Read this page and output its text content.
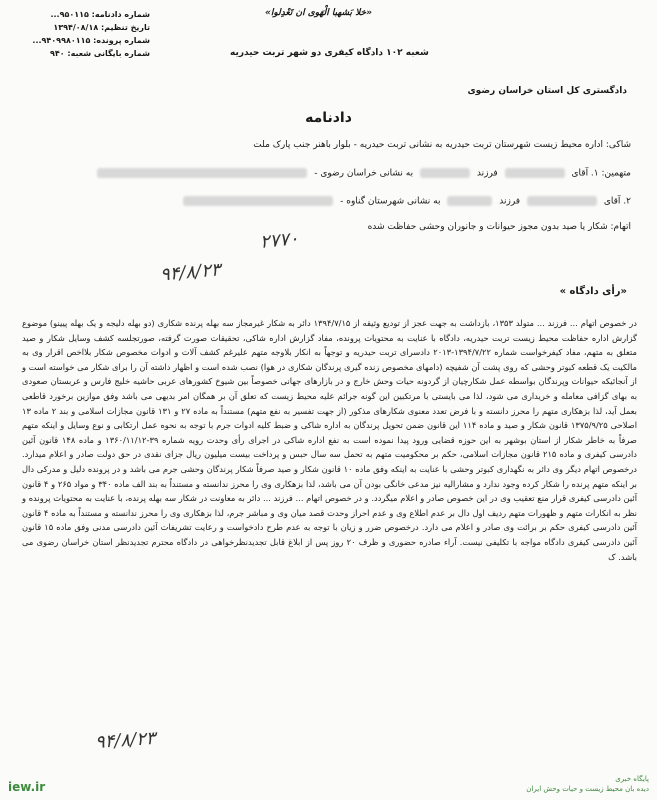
شماره دادنامه: ۹۵۰۱۱۵...
تاریخ تنظیم: ۱۳۹۴/۰۸/۱۸
شماره پرونده: ۹۴۰۹۹۸۰۱۱۵...
شماره بایگانی شعبه: ۹۴۰
«خلا بَشهبا الْهَوی ان تَعْدِلوا»
شعبه ۱۰۲ دادگاه کیفری دو شهر تربت حیدریه
دادگستری کل استان خراسان رضوی
دادنامه
شاکی: اداره محیط زیست شهرستان تربت حیدریه به نشانی تربت حیدریه - بلوار باهنر جنب پارک ملت
متهمین: ۱. آقای  فرزند  به نشانی خراسان رضوی -
۲. آقای  فرزند  به نشانی شهرستان گناوه -
اتهام: شکار یا صید بدون مجوز حیوانات و جانوران وحشی حفاظت شده
۲۷۷۰
۹۴/۸/۲۳
« رأی دادگاه»
در خصوص اتهام ... فرزند ... متولد ۱۳۵۳، بازداشت به جهت عجز از تودیع وثیقه از ۱۳۹۴/۷/۱۵ دائر به شکار غیرمجاز سه بهله پرنده شکاری (دو بهله دلیجه و یک بهله پیینو) موضوع گزارش اداره حفاظت محیط زیست تربت حیدریه، دادگاه با عنایت به محتویات پرونده، مفاد گزارش اداره شاکی، تحقیقات صورت گرفته، صورتجلسه کشف وسایل شکار و صید متعلق به متهم، مفاد کیفرخواست شماره ۱۳۹۴/۷/۲۲-۲۰۱۳ دادسرای تربت حیدریه و توجهاً به انکار بلاوجه متهم علیرغم کشف آلات و ادوات مخصوص شکار بلااخص اقرار وی به مالکیت یک قطعه کبوتر وحشی که روی پشت آن شفیچه (دامهای مخصوص زنده گیری پرندگان شکاری در هوا) نصب شده است و اظهار داشته آن را برای شکار می خواسته است و از آنجائیکه حیوانات وپرندگان بواسطه عمل شکارچیان از گردونه حیات وحش خارج و در بازارهای جهانی خصوصاً بین شیوخ کشورهای عربی حاشیه خلیج فارس و عربستان صعودی به بهای گزافی معامله و خریداری می شود، لذا می بایستی با مرتکبین این گونه جرائم علیه محیط زیست که تعلق آن بر همگان امر بدیهی می باشد وفق موازین برخورد قاطعی بعمل آید، لذا بزهکاری متهم را محرز دانسته و با فرض تعدد معنوی شکارهای مذکور (از جهت تفسیر به نفع متهم) مستنداً به ماده ۲۷ و ۱۳۱ قانون مجازات اسلامی و بند ۲ ماده ۱۳ اصلاحی ۱۳۷۵/۹/۲۵ قانون شکار و صید و ماده ۱۱۴ این قانون ضمن تحویل پرندگان به اداره شاکی و ضبط کلیه ادوات جرم با توجه به نحوه عمل ارتکابی و نوع وسایل و اینکه متهم صرفاً به خاطر شکار از استان بوشهر به این حوزه قضایی ورود پیدا نموده است به نفع اداره شاکی در اجرای رأی وحدت رویه شماره ۳۹-۱۳۶۰/۱۱/۱۲ و ماده ۱۴۸ قانون آئین دادرسی کیفری و ماده ۲۱۵ قانون مجازات اسلامی، حکم بر محکومیت متهم به تحمل سه سال حبس و پرداخت بیست میلیون ریال جزای نقدی در حق دولت صادر و اعلام میدارد. درخصوص اتهام دیگر وی دائر به نگهداری کبوتر وحشی با عنایت به اینکه وفق ماده ۱۰ قانون شکار و صید صرفاً شکار پرندگان وحشی جرم می باشد و در پرونده دلیل و مدرکی دال بر اینکه متهم پرنده را شکار کرده وجود ندارد و مشارالیه نیز مدعی خانگی بودن آن می باشد، لذا بزهکاری وی را محرز ندانسته و مستنداً به بند الف ماده ۳۴۰ و مواد ۲۶۵ و ۴ قانون آئین دادرسی کیفری قرار منع تعقیب وی در این خصوص صادر و اعلام میگردد. و در خصوص اتهام ... فرزند ... دائر به معاونت در شکار سه بهله پرنده، با عنایت به محتویات پرونده و نظر به انکارات متهم و ظهورات متهم ردیف اول دال بر عدم اطلاع وی و عدم احراز وحدت قصد میان وی و مباشر جرم، لذا بزهکاری وی را محرز ندانسته و مستنداً به ماده ۴ قانون آئین دادرسی کیفری حکم بر برائت وی صادر و اعلام می دارد. درخصوص ضرر و زیان با توجه به عدم طرح دادخواست و رعایت تشریفات آئین دادرسی مدنی وفق ماده ۱۵ قانون آئین دادرسی کیفری دادگاه مواجه با تکلیفی نیست. آراء صادره حضوری و ظرف ۲۰ روز پس از ابلاغ قابل تجدیدنظرخواهی در دادگاه محترم تجدیدنظر استان خراسان رضوی می باشد. ک
۹۴/۸/۲۳
iew.ir
پایگاه خبری
دیده بان محیط زیست و حیات وحش ایران
